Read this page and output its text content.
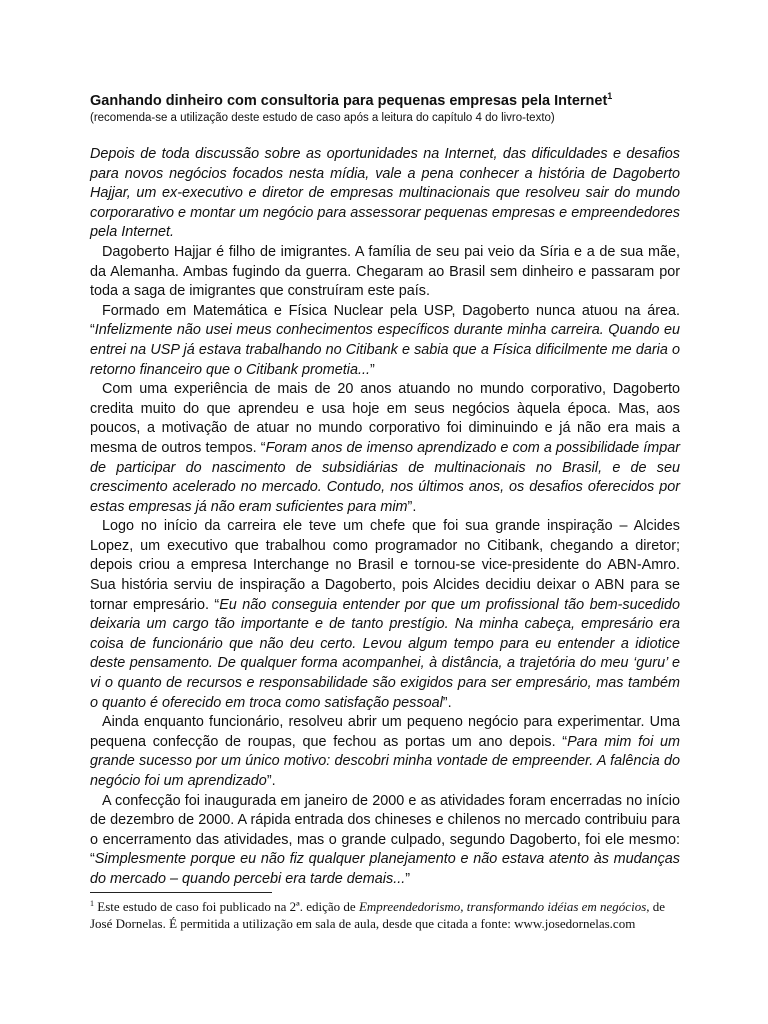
Ganhando dinheiro com consultoria para pequenas empresas pela Internet$^1$

(recomenda-se a utilização deste estudo de caso após a leitura do capítulo 4 do livro-texto)

Depois de toda discussão sobre as oportunidades na Internet, das dificuldades e desafios para novos negócios focados nesta mídia, vale a pena conhecer a história de Dagoberto Hajjar, um ex-executivo e diretor de empresas multinacionais que resolveu sair do mundo corporarativo e montar um negócio para assessorar pequenas empresas e empreendedores pela Internet.

Dagoberto Hajjar é filho de imigrantes. A família de seu pai veio da Síria e a de sua mãe, da Alemanha. Ambas fugindo da guerra. Chegaram ao Brasil sem dinheiro e passaram por toda a saga de imigrantes que construíram este país.

Formado em Matemática e Física Nuclear pela USP, Dagoberto nunca atuou na área. “Infelizmente não usei meus conhecimentos específicos durante minha carreira. Quando eu entrei na USP já estava trabalhando no Citibank e sabia que a Física dificilmente me daria o retorno financeiro que o Citibank prometia...”

Com uma experiência de mais de 20 anos atuando no mundo corporativo, Dagoberto credita muito do que aprendeu e usa hoje em seus negócios àquela época. Mas, aos poucos, a motivação de atuar no mundo corporativo foi diminuindo e já não era mais a mesma de outros tempos. “Foram anos de imenso aprendizado e com a possibilidade ímpar de participar do nascimento de subsidiárias de multinacionais no Brasil, e de seu crescimento acelerado no mercado. Contudo, nos últimos anos, os desafios oferecidos por estas empresas já não eram suficientes para mim”.

Logo no início da carreira ele teve um chefe que foi sua grande inspiração – Alcides Lopez, um executivo que trabalhou como programador no Citibank, chegando a diretor; depois criou a empresa Interchange no Brasil e tornou-se vice-presidente do ABN-Amro. Sua história serviu de inspiração a Dagoberto, pois Alcides decidiu deixar o ABN para se tornar empresário. “Eu não conseguia entender por que um profissional tão bem-sucedido deixaria um cargo tão importante e de tanto prestígio. Na minha cabeça, empresário era coisa de funcionário que não deu certo. Levou algum tempo para eu entender a idiotice deste pensamento. De qualquer forma acompanhei, à distância, a trajetória do meu ‘guru’ e vi o quanto de recursos e responsabilidade são exigidos para ser empresário, mas também o quanto é oferecido em troca como satisfação pessoal”.

Ainda enquanto funcionário, resolveu abrir um pequeno negócio para experimentar. Uma pequena confecção de roupas, que fechou as portas um ano depois. “Para mim foi um grande sucesso por um único motivo: descobri minha vontade de empreender. A falência do negócio foi um aprendizado”.

A confecção foi inaugurada em janeiro de 2000 e as atividades foram encerradas no início de dezembro de 2000. A rápida entrada dos chineses e chilenos no mercado contribuiu para o encerramento das atividades, mas o grande culpado, segundo Dagoberto, foi ele mesmo: “Simplesmente porque eu não fiz qualquer planejamento e não estava atento às mudanças do mercado – quando percebi era tarde demais...”

$^1$ Este estudo de caso foi publicado na 2ª. edição de Empreendedorismo, transformando idéias em negócios, de José Dornelas. É permitida a utilização em sala de aula, desde que citada a fonte: www.josedornelas.com
